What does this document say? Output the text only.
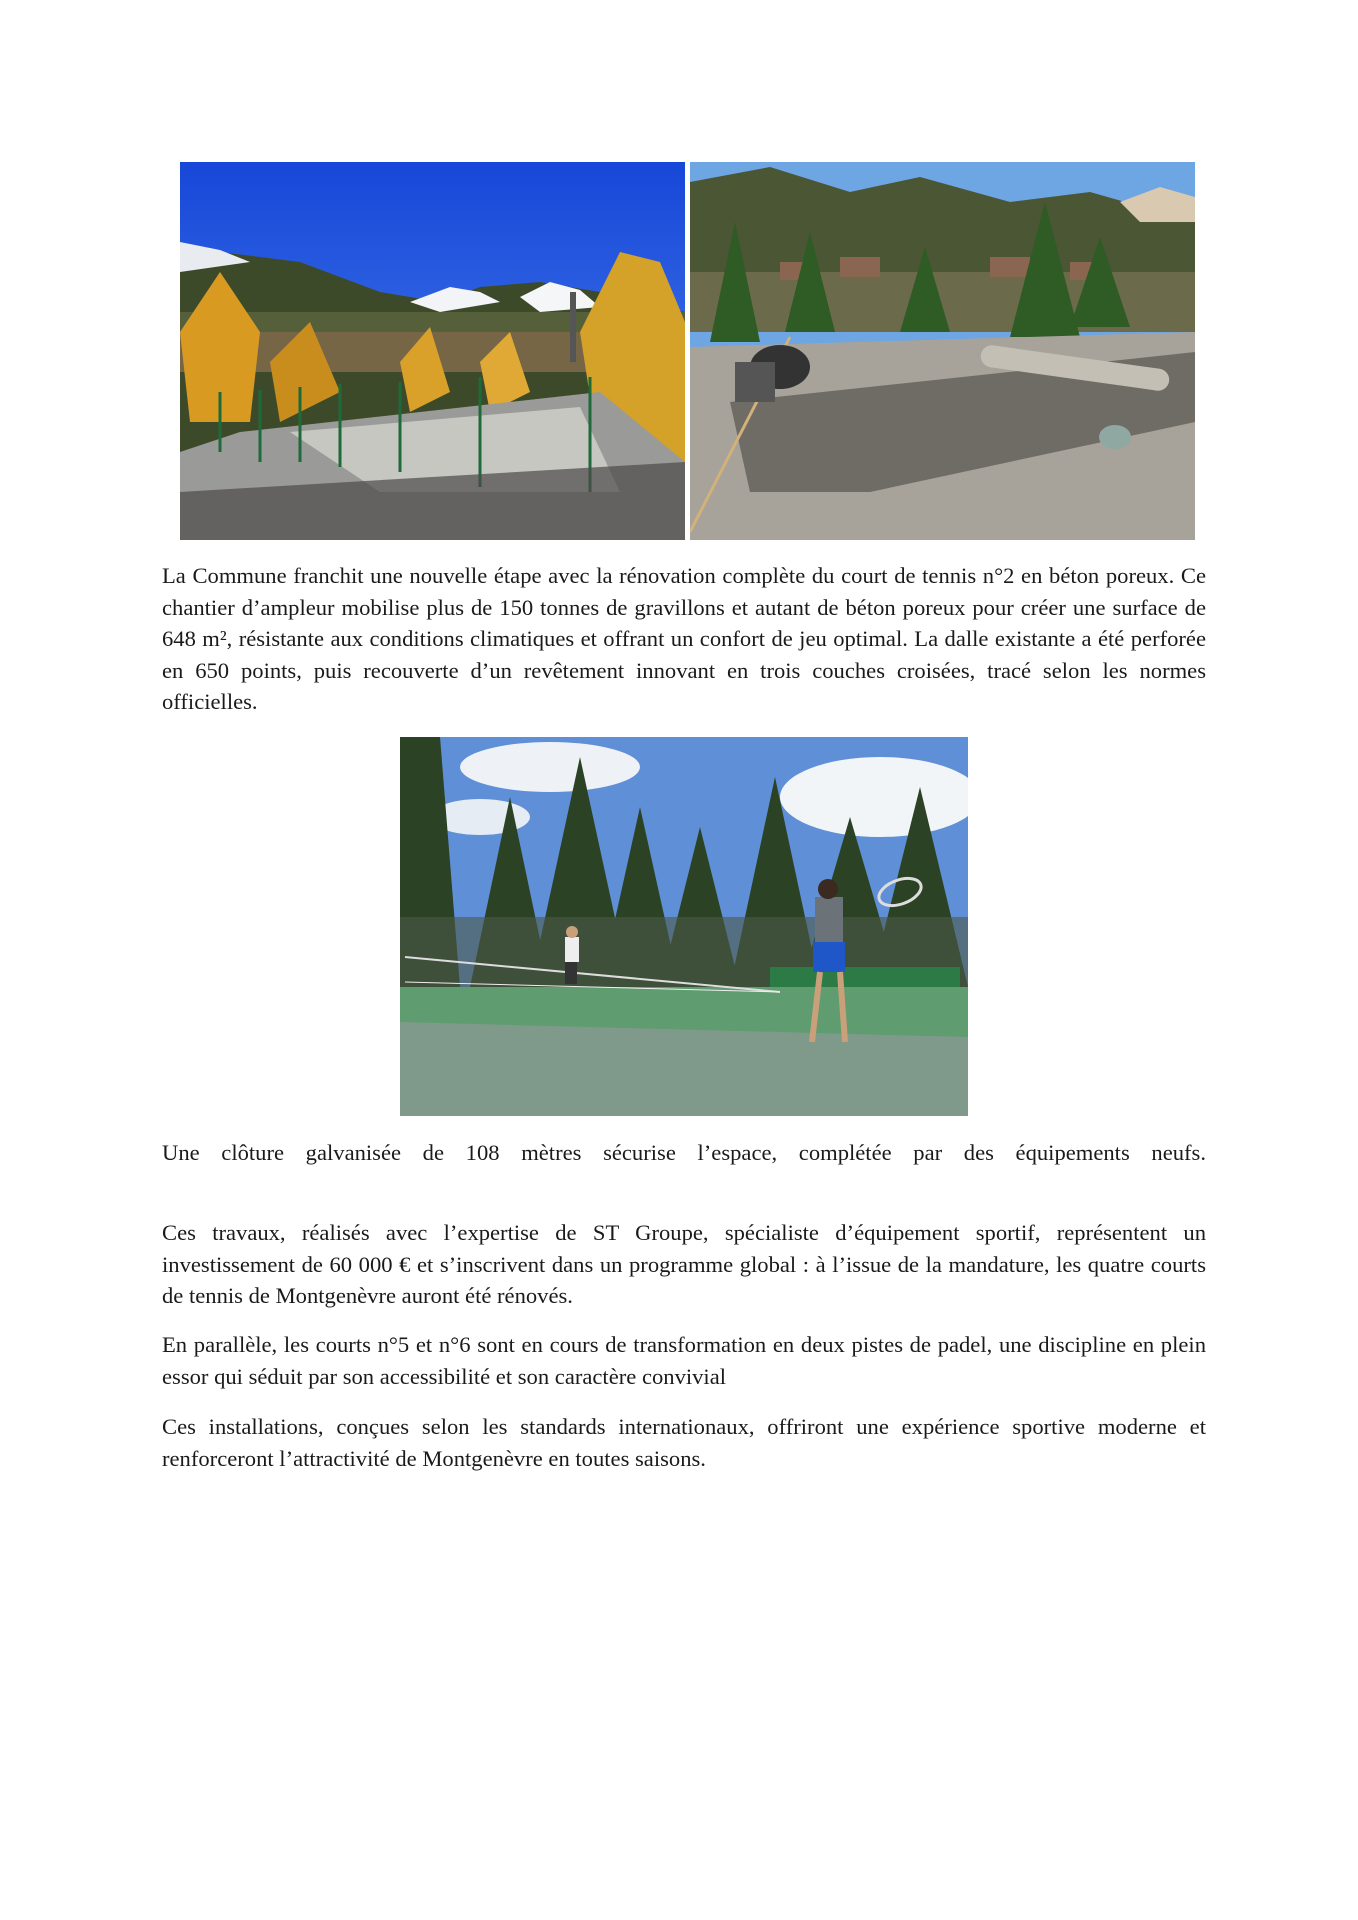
La Commune franchit une nouvelle étape avec la rénovation complète du court de tennis n°2 en béton poreux. Ce chantier d’ampleur mobilise plus de 150 tonnes de gravillons et autant de béton poreux pour créer une surface de 648 m², résistante aux conditions climatiques et offrant un confort de jeu optimal. La dalle existante a été perforée en 650 points, puis recouverte d’un revêtement innovant en trois couches croisées, tracé selon les normes officielles.

Une clôture galvanisée de 108 mètres sécurise l’espace, complétée par des équipements neufs.

Ces travaux, réalisés avec l’expertise de ST Groupe, spécialiste d’équipement sportif, représentent un investissement de 60 000 € et s’inscrivent dans un programme global : à l’issue de la mandature, les quatre courts de tennis de Montgenèvre auront été rénovés.

En parallèle, les courts n°5 et n°6 sont en cours de transformation en deux pistes de padel, une discipline en plein essor qui séduit par son accessibilité et son caractère convivial

Ces installations, conçues selon les standards internationaux, offriront une expérience sportive moderne et renforceront l’attractivité de Montgenèvre en toutes saisons.
